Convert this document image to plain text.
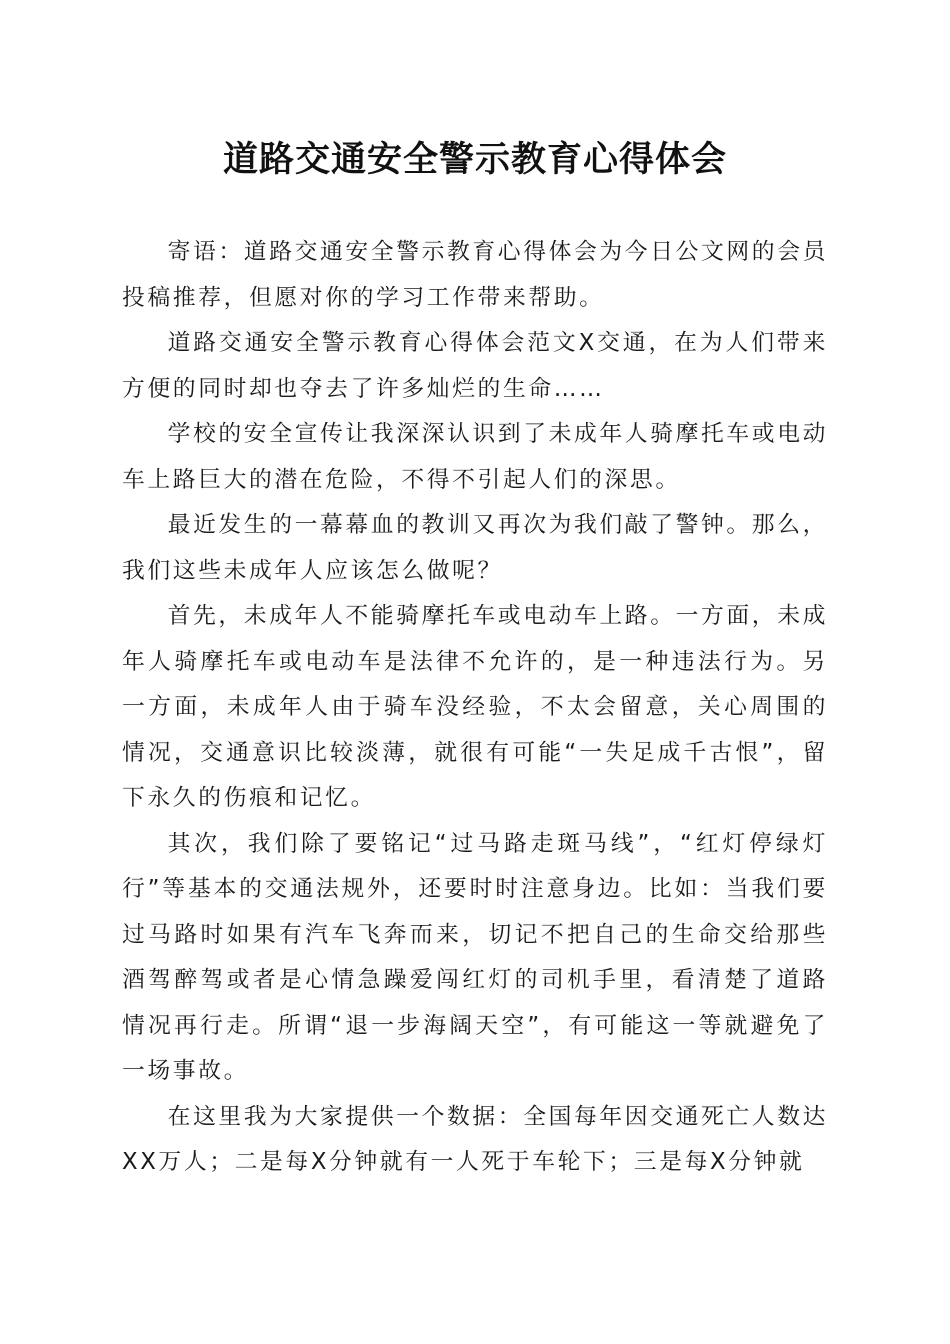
道路交通安全警示教育心得体会

寄语：道路交通安全警示教育心得体会为今日公文网的会员投稿推荐，但愿对你的学习工作带来帮助。

道路交通安全警示教育心得体会范文X交通，在为人们带来方便的同时却也夺去了许多灿烂的生命……

学校的安全宣传让我深深认识到了未成年人骑摩托车或电动车上路巨大的潜在危险，不得不引起人们的深思。

最近发生的一幕幕血的教训又再次为我们敲了警钟。那么，我们这些未成年人应该怎么做呢？

首先，未成年人不能骑摩托车或电动车上路。一方面，未成年人骑摩托车或电动车是法律不允许的，是一种违法行为。另一方面，未成年人由于骑车没经验，不太会留意，关心周围的情况，交通意识比较淡薄，就很有可能“一失足成千古恨”，留下永久的伤痕和记忆。

其次，我们除了要铭记“过马路走斑马线”，“红灯停绿灯行”等基本的交通法规外，还要时时注意身边。比如：当我们要过马路时如果有汽车飞奔而来，切记不把自己的生命交给那些酒驾醉驾或者是心情急躁爱闯红灯的司机手里，看清楚了道路情况再行走。所谓“退一步海阔天空”，有可能这一等就避免了一场事故。

在这里我为大家提供一个数据：全国每年因交通死亡人数达XX万人；二是每X分钟就有一人死于车轮下；三是每X分钟就
